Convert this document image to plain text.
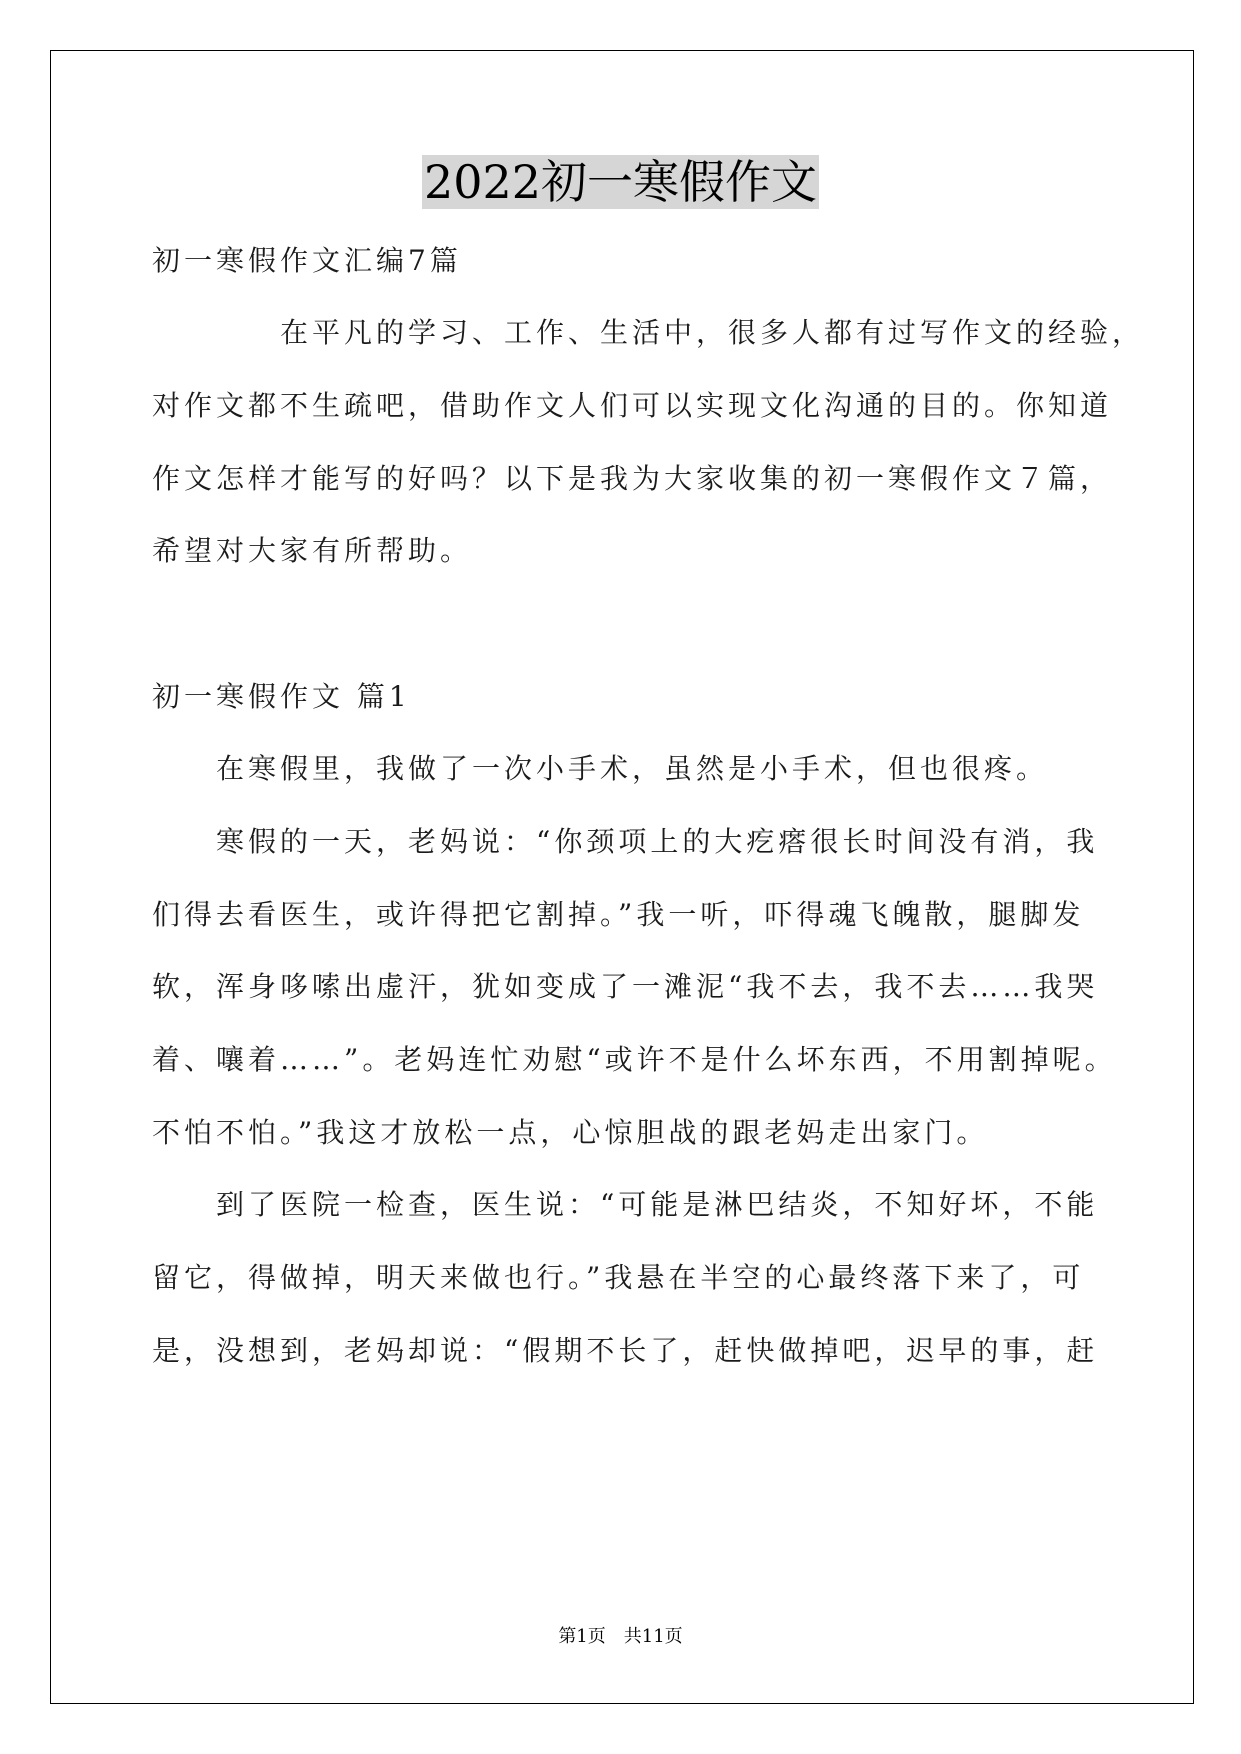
2022初一寒假作文
初一寒假作文汇编7篇
　　　　在平凡的学习、工作、生活中，很多人都有过写作文的经验，
对作文都不生疏吧，借助作文人们可以实现文化沟通的目的。你知道
作文怎样才能写的好吗？以下是我为大家收集的初一寒假作文７篇，
希望对大家有所帮助。
初一寒假作文 篇1
　　在寒假里，我做了一次小手术，虽然是小手术，但也很疼。
　　寒假的一天，老妈说：“你颈项上的大疙瘩很长时间没有消，我
们得去看医生，或许得把它割掉。”我一听，吓得魂飞魄散，腿脚发
软，浑身哆嗦出虚汗，犹如变成了一滩泥“我不去，我不去……我哭
着、嚷着……”。老妈连忙劝慰“或许不是什么坏东西，不用割掉呢。
不怕不怕。”我这才放松一点，心惊胆战的跟老妈走出家门。
　　到了医院一检查，医生说：“可能是淋巴结炎，不知好坏，不能
留它，得做掉，明天来做也行。”我悬在半空的心最终落下来了，可
是，没想到，老妈却说：“假期不长了，赶快做掉吧，迟早的事，赶
第1页　共11页
